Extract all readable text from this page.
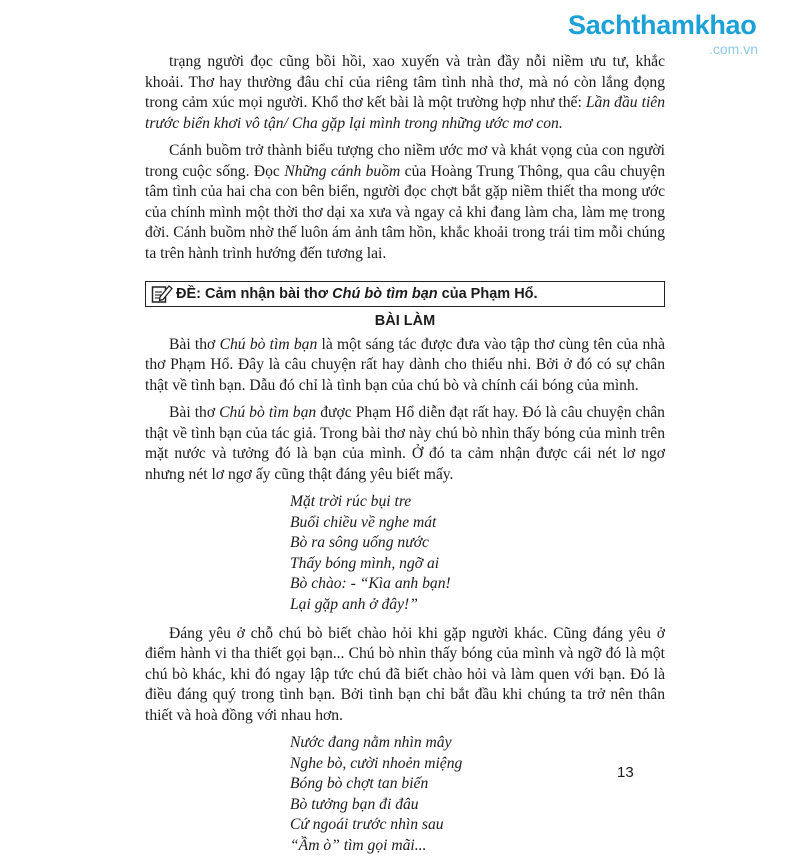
Sachthamkhao
.com.vn

trạng người đọc cũng bồi hồi, xao xuyến và tràn đầy nỗi niềm ưu tư, khắc khoải. Thơ hay thường đâu chỉ của riêng tâm tình nhà thơ, mà nó còn lắng đọng trong cảm xúc mọi người. Khổ thơ kết bài là một trường hợp như thế: Lần đầu tiên trước biển khơi vô tận/ Cha gặp lại mình trong những ước mơ con.

Cánh buồm trở thành biểu tượng cho niềm ước mơ và khát vọng của con người trong cuộc sống. Đọc Những cánh buồm của Hoàng Trung Thông, qua câu chuyện tâm tình của hai cha con bên biển, người đọc chợt bắt gặp niềm thiết tha mong ước của chính mình một thời thơ dại xa xưa và ngay cả khi đang làm cha, làm mẹ trong đời. Cánh buồm nhờ thế luôn ám ảnh tâm hồn, khắc khoải trong trái tim mỗi chúng ta trên hành trình hướng đến tương lai.

ĐỀ: Cảm nhận bài thơ Chú bò tìm bạn của Phạm Hổ.
BÀI LÀM

Bài thơ Chú bò tìm bạn là một sáng tác được đưa vào tập thơ cùng tên của nhà thơ Phạm Hổ. Đây là câu chuyện rất hay dành cho thiếu nhi. Bởi ở đó có sự chân thật về tình bạn. Dẫu đó chỉ là tình bạn của chú bò và chính cái bóng của mình.

Bài thơ Chú bò tìm bạn được Phạm Hổ diễn đạt rất hay. Đó là câu chuyện chân thật về tình bạn của tác giả. Trong bài thơ này chú bò nhìn thấy bóng của mình trên mặt nước và tưởng đó là bạn của mình. Ở đó ta cảm nhận được cái nét lơ ngơ nhưng nét lơ ngơ ấy cũng thật đáng yêu biết mấy.

Mặt trời rúc bụi tre
Buổi chiều về nghe mát
Bò ra sông uống nước
Thấy bóng mình, ngỡ ai
Bò chào: - “Kìa anh bạn!
Lại gặp anh ở đây!”

Đáng yêu ở chỗ chú bò biết chào hỏi khi gặp người khác. Cũng đáng yêu ở điểm hành vi tha thiết gọi bạn... Chú bò nhìn thấy bóng của mình và ngỡ đó là một chú bò khác, khi đó ngay lập tức chú đã biết chào hỏi và làm quen với bạn. Đó là điều đáng quý trong tình bạn. Bởi tình bạn chỉ bắt đầu khi chúng ta trở nên thân thiết và hoà đồng với nhau hơn.

Nước đang nằm nhìn mây
Nghe bò, cười nhoẻn miệng
Bóng bò chợt tan biến
Bò tưởng bạn đi đâu
Cứ ngoái trước nhìn sau
“Ầm ò” tìm gọi mãi...
13
